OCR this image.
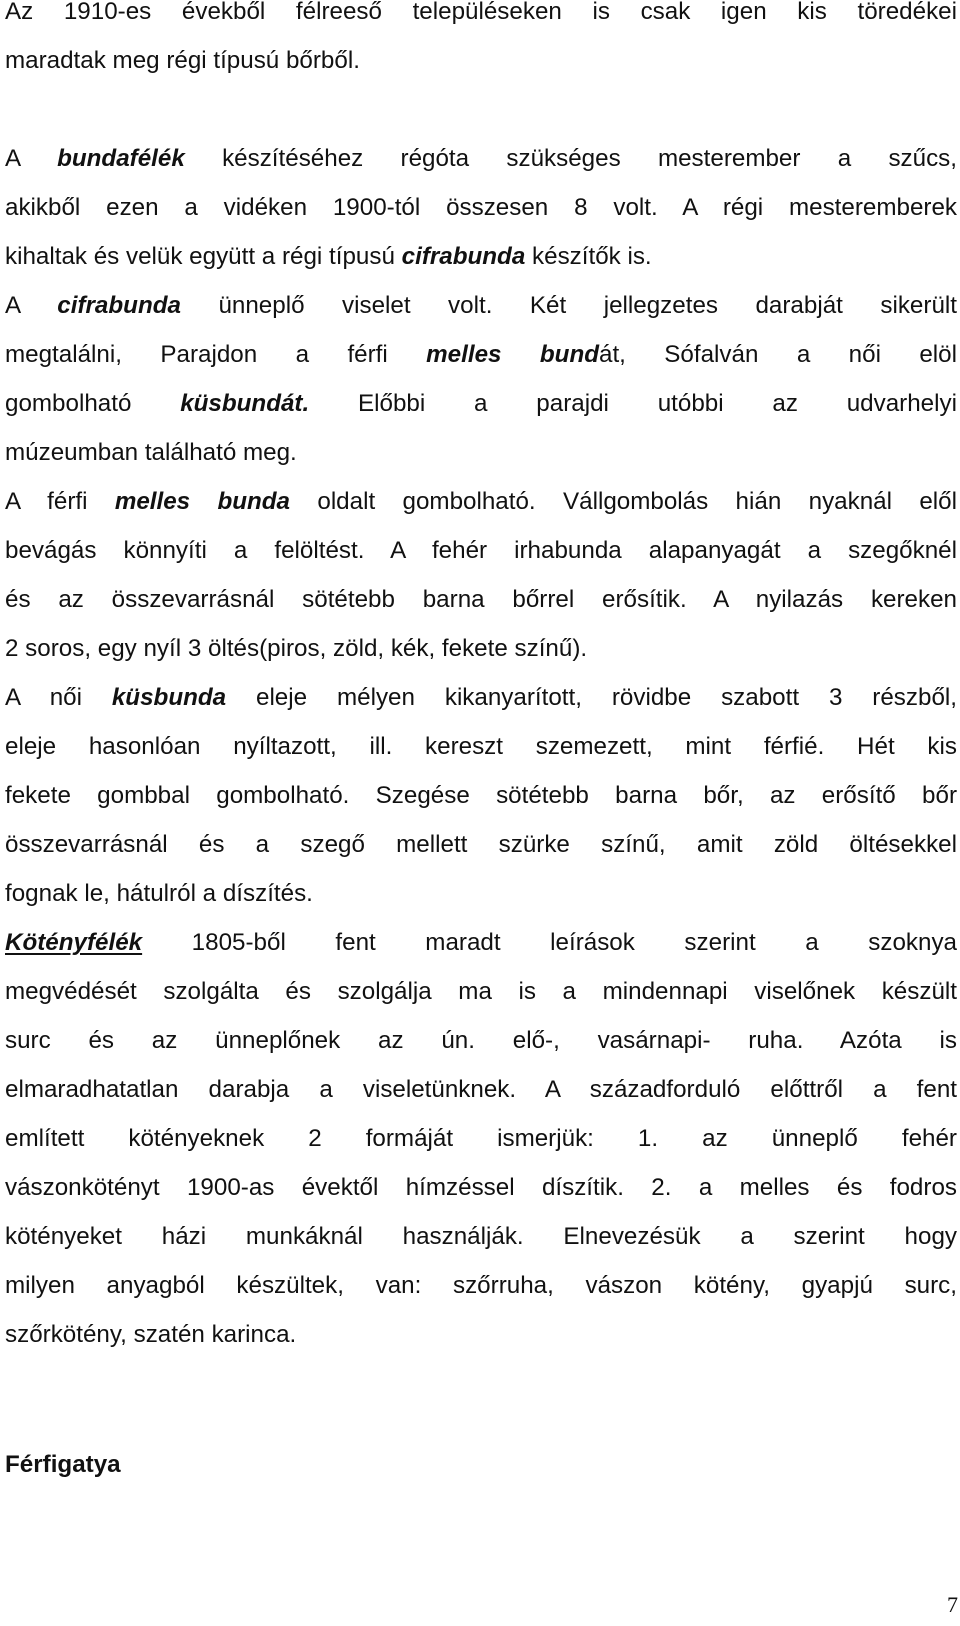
Az 1910-es évekből félreeső településeken is csak igen kis töredékei
maradtak meg régi típusú bőrből.
A bundafélék készítéséhez régóta szükséges mesterember a szűcs,
akikből ezen a vidéken 1900-tól összesen 8 volt. A régi mesteremberek
kihaltak és velük együtt a régi típusú cifrabunda készítők is.
A cifrabunda ünneplő viselet volt. Két jellegzetes darabját sikerült
megtalálni, Parajdon a férfi melles bundát, Sófalván a női elöl
gombolható küsbundát. Előbbi a parajdi utóbbi az udvarhelyi
múzeumban található meg.
A férfi melles bunda oldalt gombolható. Vállgombolás hián nyaknál elől
bevágás könnyíti a felöltést. A fehér irhabunda alapanyagát a szegőknél
és az összevarrásnál sötétebb barna bőrrel erősítik. A nyilazás kereken
2 soros, egy nyíl 3 öltés(piros, zöld, kék, fekete színű).
A női küsbunda eleje mélyen kikanyarított, rövidbe szabott 3 részből,
eleje hasonlóan nyíltazott, ill. kereszt szemezett, mint férfié. Hét kis
fekete gombbal gombolható. Szegése sötétebb barna bőr, az erősítő bőr
összevarrásnál és a szegő mellett szürke színű, amit zöld öltésekkel
fognak le, hátulról a díszítés.
Kötényfélék 1805-ből fent maradt leírások szerint a szoknya
megvédését szolgálta és szolgálja ma is a mindennapi viselőnek készült
surc és az ünneplőnek az ún. elő-, vasárnapi- ruha. Azóta is
elmaradhatatlan darabja a viseletünknek. A századforduló előttről a fent
említett kötényeknek 2 formáját ismerjük: 1. az ünneplő fehér
vászonkötényt 1900-as évektől hímzéssel díszítik. 2. a melles és fodros
kötényeket házi munkáknál használják. Elnevezésük a szerint hogy
milyen anyagból készültek, van: szőrruha, vászon kötény, gyapjú surc,
szőrkötény, szatén karinca.
Férfigatya
7
